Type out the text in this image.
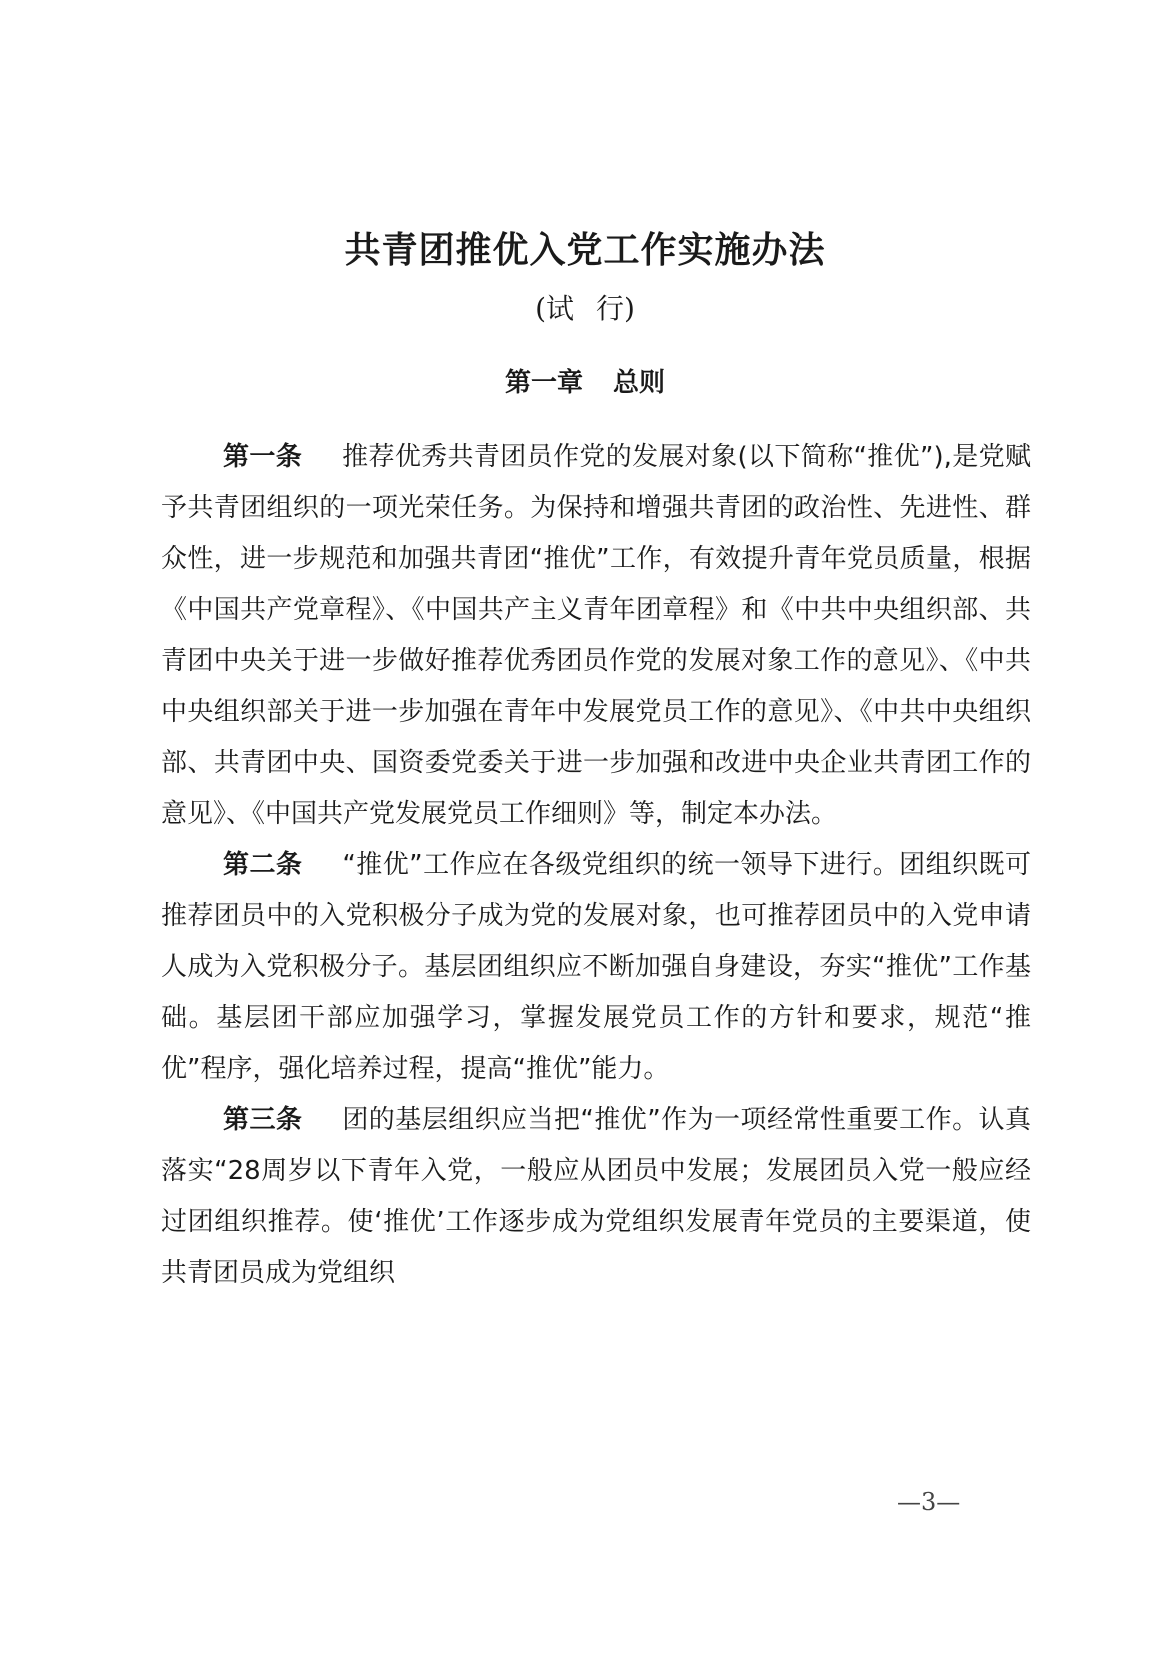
共青团推优入党工作实施办法
(试 行)
第一章 总则

第一条 推荐优秀共青团员作党的发展对象(以下简称“推优”),是党赋予共青团组织的一项光荣任务。为保持和增强共青团的政治性、先进性、群众性，进一步规范和加强共青团“推优”工作，有效提升青年党员质量，根据《中国共产党章程》、《中国共产主义青年团章程》和《中共中央组织部、共青团中央关于进一步做好推荐优秀团员作党的发展对象工作的意见》、《中共中央组织部关于进一步加强在青年中发展党员工作的意见》、《中共中央组织部、共青团中央、国资委党委关于进一步加强和改进中央企业共青团工作的意见》、《中国共产党发展党员工作细则》等，制定本办法。

第二条 “推优”工作应在各级党组织的统一领导下进行。团组织既可推荐团员中的入党积极分子成为党的发展对象，也可推荐团员中的入党申请人成为入党积极分子。基层团组织应不断加强自身建设，夯实“推优”工作基础。基层团干部应加强学习，掌握发展党员工作的方针和要求，规范“推优”程序，强化培养过程，提高“推优”能力。

第三条 团的基层组织应当把“推优”作为一项经常性重要工作。认真落实“28周岁以下青年入党，一般应从团员中发展；发展团员入党一般应经过团组织推荐。使‘推优’工作逐步成为党组织发展青年党员的主要渠道，使共青团员成为党组织

—3—
